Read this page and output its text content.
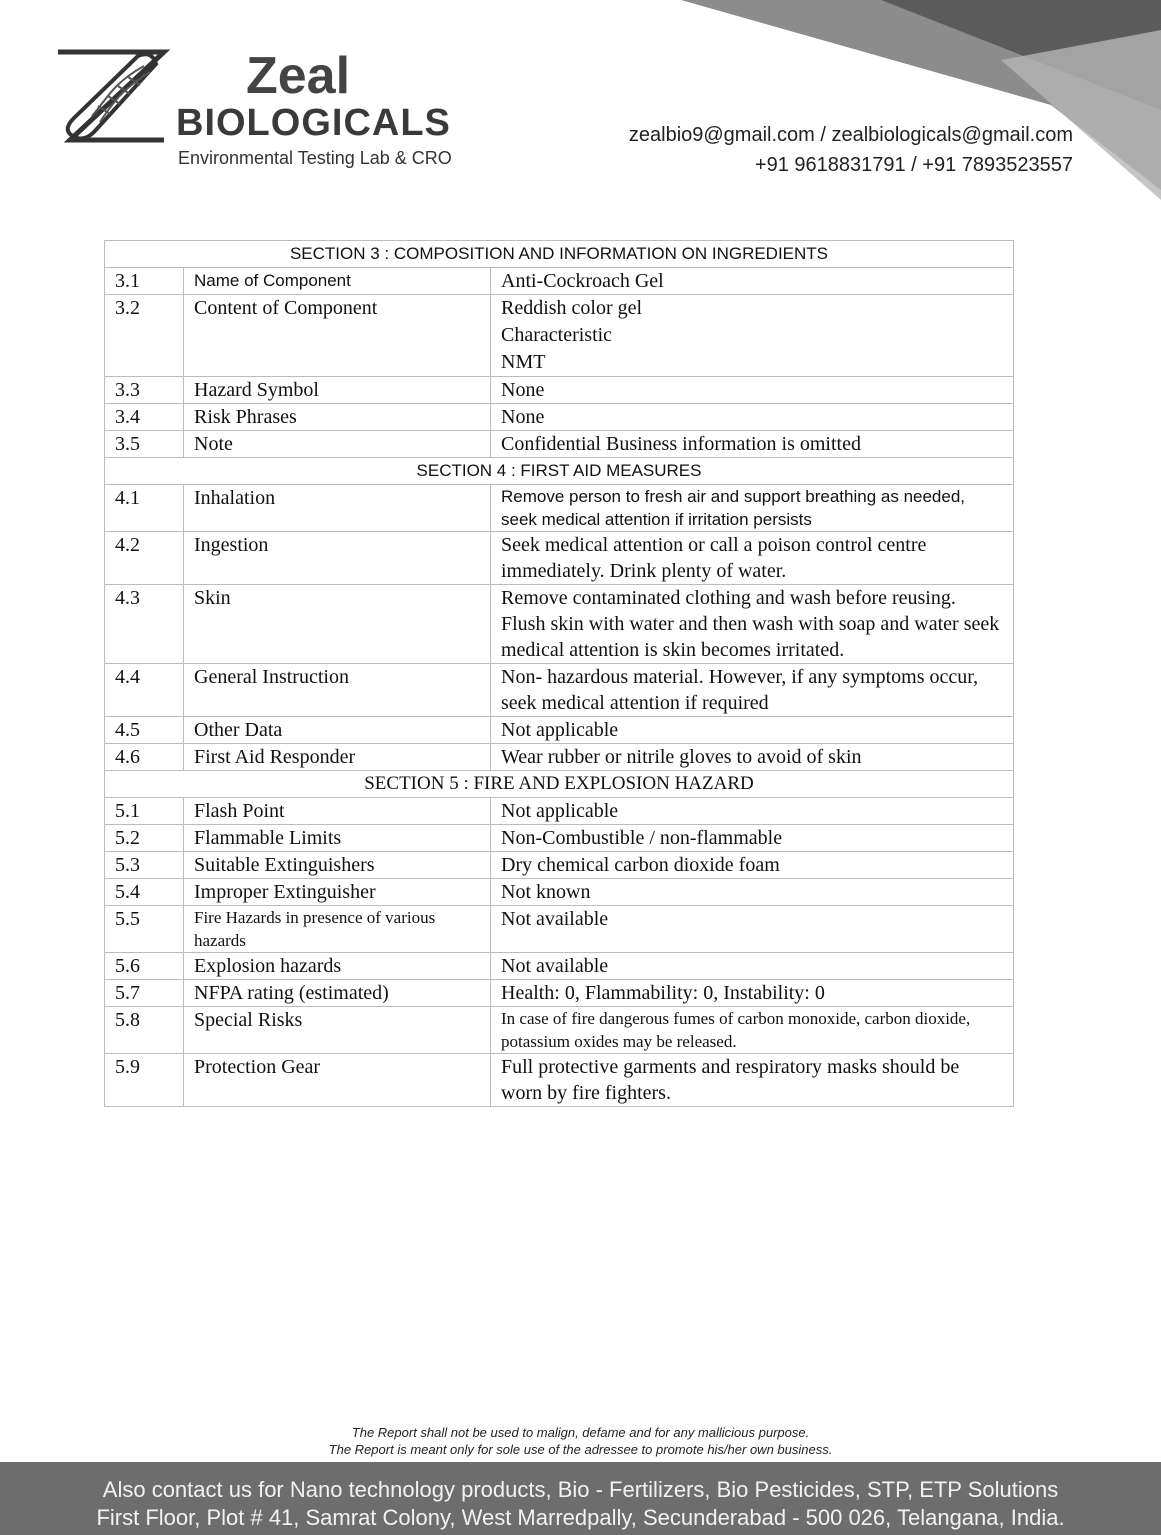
Zeal
BIOLOGICALS
Environmental Testing Lab & CRO
zealbio9@gmail.com / zealbiologicals@gmail.com
+91 9618831791 / +91 7893523557
SECTION 3 : COMPOSITION AND INFORMATION ON INGREDIENTS		
3.1	Name of Component	Anti-Cockroach Gel
3.2	Content of Component	Reddish color gel
Characteristic
NMT

3.3	Hazard Symbol	None
3.4	Risk Phrases	None
3.5	Note	Confidential Business information is omitted
SECTION 4 : FIRST AID MEASURES		
4.1	Inhalation	Remove person to fresh air and support breathing as needed, seek medical attention if irritation persists
4.2	Ingestion	Seek medical attention or call a poison control centre immediately. Drink plenty of water.
4.3	Skin	Remove contaminated clothing and wash before reusing. Flush skin with water and then wash with soap and water seek medical attention is skin becomes irritated.
4.4	General Instruction	Non- hazardous material. However, if any symptoms occur, seek medical attention if required
4.5	Other Data	Not applicable
4.6	First Aid Responder	Wear rubber or nitrile gloves to avoid of skin
SECTION 5 : FIRE AND EXPLOSION HAZARD		
5.1	Flash Point	Not applicable
5.2	Flammable Limits	Non-Combustible / non-flammable
5.3	Suitable Extinguishers	Dry chemical carbon dioxide foam
5.4	Improper Extinguisher	Not known
5.5	Fire Hazards in presence of various hazards	Not available
5.6	Explosion hazards	Not available
5.7	NFPA rating (estimated)	Health: 0, Flammability: 0, Instability: 0
5.8	Special Risks	In case of fire dangerous fumes of carbon monoxide, carbon dioxide, potassium oxides may be released.
5.9	Protection Gear	Full protective garments and respiratory masks should be worn by fire fighters.
The Report shall not be used to malign, defame and for any mallicious purpose.
The Report is meant only for sole use of the adressee to promote his/her own business.
Also contact us for Nano technology products, Bio - Fertilizers, Bio Pesticides, STP, ETP Solutions
First Floor, Plot # 41, Samrat Colony, West Marredpally, Secunderabad - 500 026, Telangana, India.
